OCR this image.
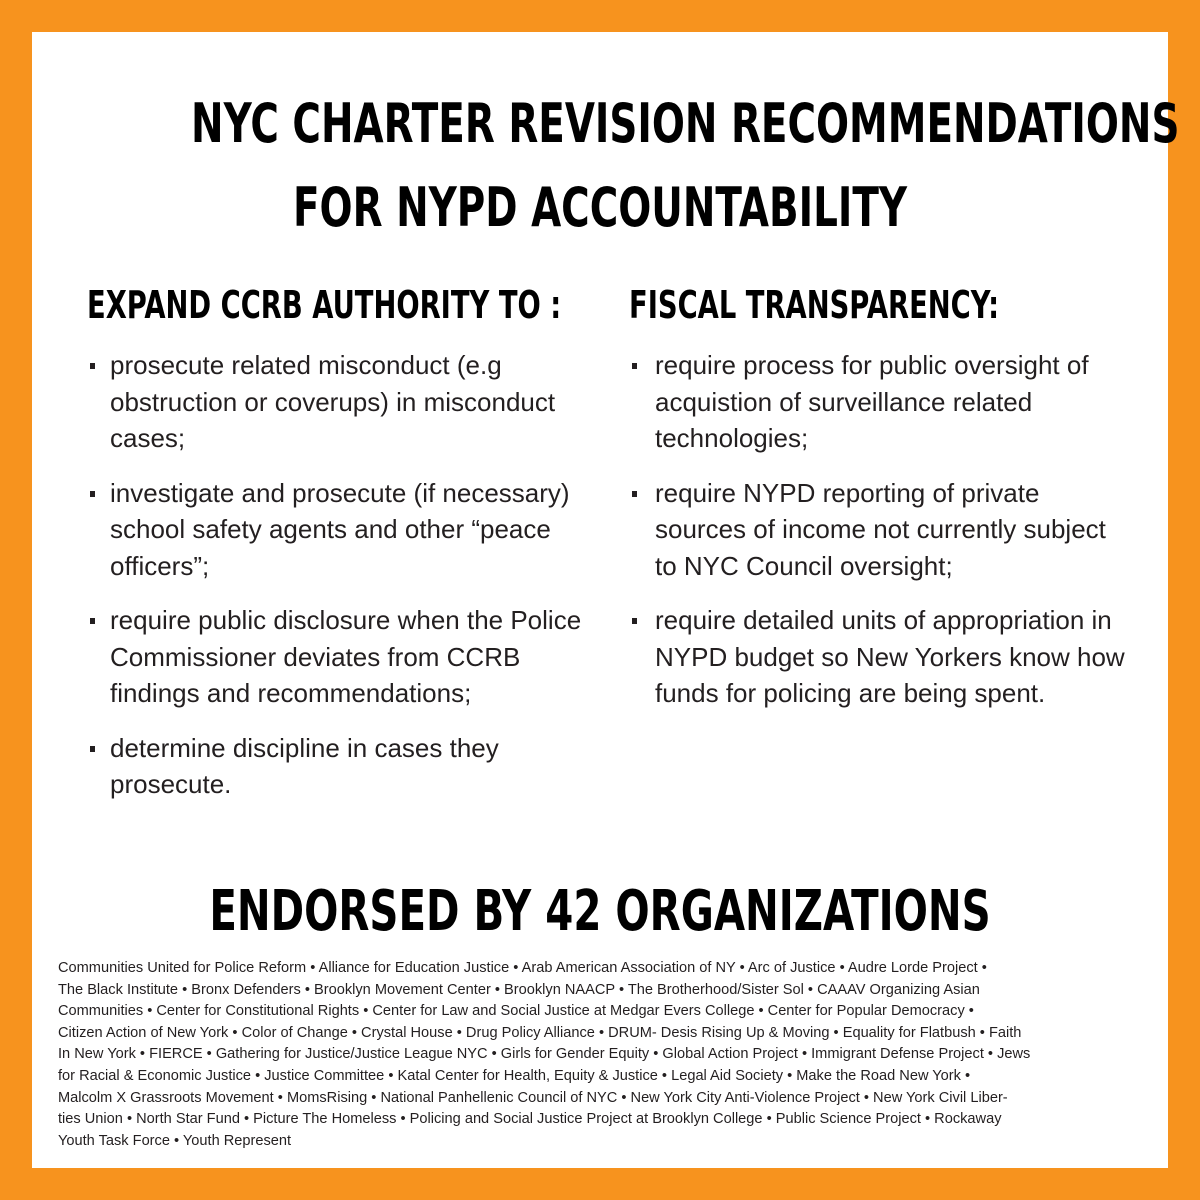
NYC CHARTER REVISION RECOMMENDATIONS
FOR NYPD ACCOUNTABILITY
EXPAND CCRB AUTHORITY TO :
prosecute related misconduct (e.g obstruction or coverups) in misconduct cases;
investigate and prosecute (if necessary) school safety agents and other “peace officers”;
require public disclosure when the Police Commissioner deviates from CCRB findings and recommendations;
determine discipline in cases they prosecute.
FISCAL TRANSPARENCY:
require process for public oversight of acquistion of surveillance related technologies;
require NYPD reporting of private sources of income not currently subject to NYC Council oversight;
require detailed units of appropriation in NYPD budget so New Yorkers know how funds for policing are being spent.
ENDORSED BY 42 ORGANIZATIONS

Communities United for Police Reform • Alliance for Education Justice • Arab American Association of NY • Arc of Justice • Audre Lorde Project •
The Black Institute • Bronx Defenders • Brooklyn Movement Center • Brooklyn NAACP • The Brotherhood/Sister Sol • CAAAV Organizing Asian
Communities • Center for Constitutional Rights • Center for Law and Social Justice at Medgar Evers College • Center for Popular Democracy •
Citizen Action of New York • Color of Change • Crystal House • Drug Policy Alliance • DRUM- Desis Rising Up & Moving • Equality for Flatbush • Faith
In New York • FIERCE • Gathering for Justice/Justice League NYC • Girls for Gender Equity • Global Action Project • Immigrant Defense Project • Jews
for Racial & Economic Justice • Justice Committee • Katal Center for Health, Equity & Justice • Legal Aid Society • Make the Road New York •
Malcolm X Grassroots Movement • MomsRising • National Panhellenic Council of NYC • New York City Anti-Violence Project • New York Civil Liber-
ties Union • North Star Fund • Picture The Homeless • Policing and Social Justice Project at Brooklyn College • Public Science Project • Rockaway
Youth Task Force • Youth Represent
